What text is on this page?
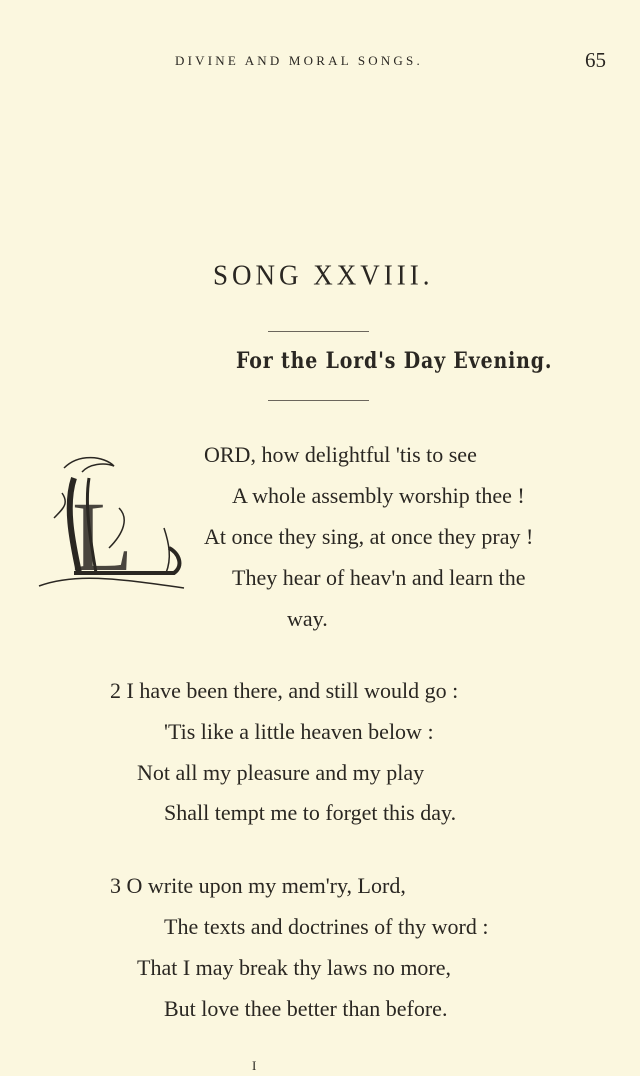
DIVINE AND MORAL SONGS.	65
SONG XXVIII.
For the Lord's Day Evening.
L
ORD, how delightful 'tis to see
A whole assembly worship thee !
At once they sing, at once they pray !
They hear of heav'n and learn the
way.
2 I have been there, and still would go :
'Tis like a little heaven below :
Not all my pleasure and my play
Shall tempt me to forget this day.
3 O write upon my mem'ry, Lord,
The texts and doctrines of thy word :
That I may break thy laws no more,
But love thee better than before.
I
